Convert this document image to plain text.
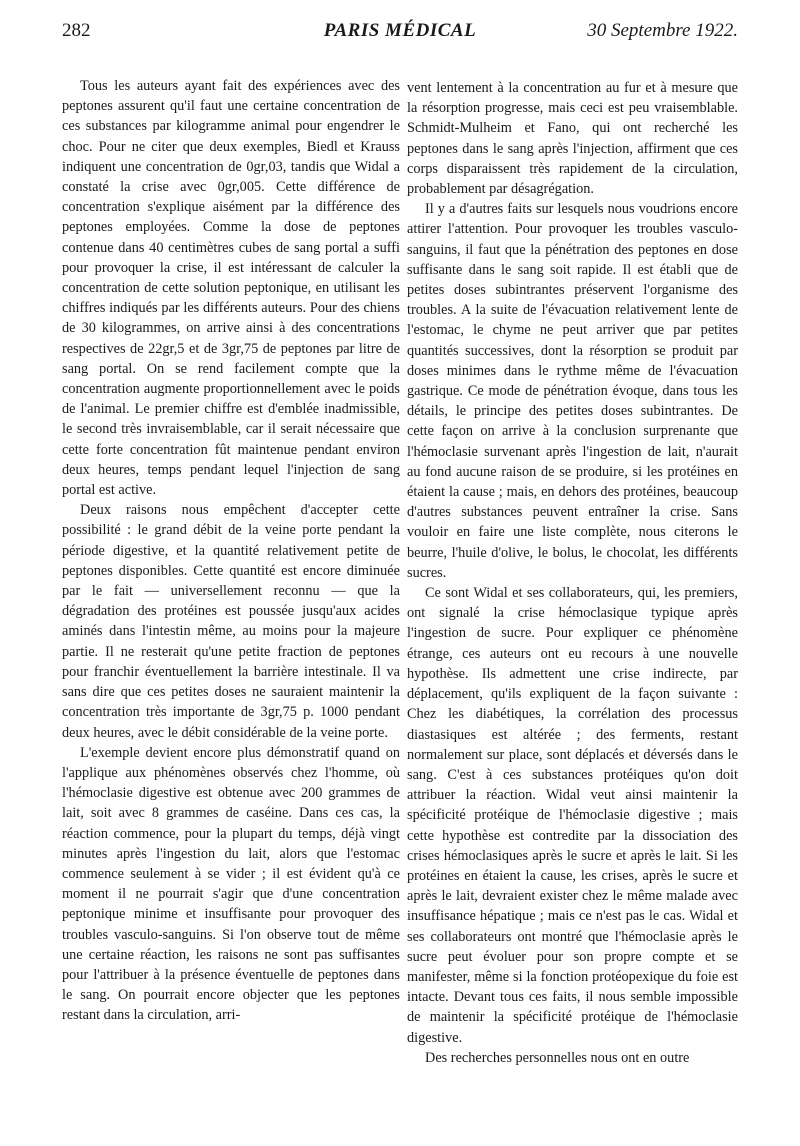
282	PARIS MÉDICAL	30 Septembre 1922.

Tous les auteurs ayant fait des expériences avec des peptones assurent qu'il faut une certaine concentration de ces substances par kilogramme animal pour engendrer le choc. Pour ne citer que deux exemples, Biedl et Krauss indiquent une concentration de 0gr,03, tandis que Widal a constaté la crise avec 0gr,005. Cette différence de concentration s'explique aisément par la différence des peptones employées. Comme la dose de peptones contenue dans 40 centimètres cubes de sang portal a suffi pour provoquer la crise, il est intéressant de calculer la concentration de cette solution peptonique, en utilisant les chiffres indiqués par les différents auteurs. Pour des chiens de 30 kilogrammes, on arrive ainsi à des concentrations respectives de 22gr,5 et de 3gr,75 de peptones par litre de sang portal. On se rend facilement compte que la concentration augmente proportionnellement avec le poids de l'animal. Le premier chiffre est d'emblée inadmissible, le second très invraisemblable, car il serait nécessaire que cette forte concentration fût maintenue pendant environ deux heures, temps pendant lequel l'injection de sang portal est active.

Deux raisons nous empêchent d'accepter cette possibilité : le grand débit de la veine porte pendant la période digestive, et la quantité relativement petite de peptones disponibles. Cette quantité est encore diminuée par le fait — universellement reconnu — que la dégradation des protéines est poussée jusqu'aux acides aminés dans l'intestin même, au moins pour la majeure partie. Il ne resterait qu'une petite fraction de peptones pour franchir éventuellement la barrière intestinale. Il va sans dire que ces petites doses ne sauraient maintenir la concentration très importante de 3gr,75 p. 1000 pendant deux heures, avec le débit considérable de la veine porte.

L'exemple devient encore plus démonstratif quand on l'applique aux phénomènes observés chez l'homme, où l'hémoclasie digestive est obtenue avec 200 grammes de lait, soit avec 8 grammes de caséine. Dans ces cas, la réaction commence, pour la plupart du temps, déjà vingt minutes après l'ingestion du lait, alors que l'estomac commence seulement à se vider ; il est évident qu'à ce moment il ne pourrait s'agir que d'une concentration peptonique minime et insuffisante pour provoquer des troubles vasculo-sanguins. Si l'on observe tout de même une certaine réaction, les raisons ne sont pas suffisantes pour l'attribuer à la présence éventuelle de peptones dans le sang. On pourrait encore objecter que les peptones restant dans la circulation, arri-

vent lentement à la concentration au fur et à mesure que la résorption progresse, mais ceci est peu vraisemblable. Schmidt-Mulheim et Fano, qui ont recherché les peptones dans le sang après l'injection, affirment que ces corps disparaissent très rapidement de la circulation, probablement par désagrégation.

Il y a d'autres faits sur lesquels nous voudrions encore attirer l'attention. Pour provoquer les troubles vasculo-sanguins, il faut que la pénétration des peptones en dose suffisante dans le sang soit rapide. Il est établi que de petites doses subintrantes préservent l'organisme des troubles. A la suite de l'évacuation relativement lente de l'estomac, le chyme ne peut arriver que par petites quantités successives, dont la résorption se produit par doses minimes dans le rythme même de l'évacuation gastrique. Ce mode de pénétration évoque, dans tous les détails, le principe des petites doses subintrantes. De cette façon on arrive à la conclusion surprenante que l'hémoclasie survenant après l'ingestion de lait, n'aurait au fond aucune raison de se produire, si les protéines en étaient la cause ; mais, en dehors des protéines, beaucoup d'autres substances peuvent entraîner la crise. Sans vouloir en faire une liste complète, nous citerons le beurre, l'huile d'olive, le bolus, le chocolat, les différents sucres.

Ce sont Widal et ses collaborateurs, qui, les premiers, ont signalé la crise hémoclasique typique après l'ingestion de sucre. Pour expliquer ce phénomène étrange, ces auteurs ont eu recours à une nouvelle hypothèse. Ils admettent une crise indirecte, par déplacement, qu'ils expliquent de la façon suivante : Chez les diabétiques, la corrélation des processus diastasiques est altérée ; des ferments, restant normalement sur place, sont déplacés et déversés dans le sang. C'est à ces substances protéiques qu'on doit attribuer la réaction. Widal veut ainsi maintenir la spécificité protéique de l'hémoclasie digestive ; mais cette hypothèse est contredite par la dissociation des crises hémoclasiques après le sucre et après le lait. Si les protéines en étaient la cause, les crises, après le sucre et après le lait, devraient exister chez le même malade avec insuffisance hépatique ; mais ce n'est pas le cas. Widal et ses collaborateurs ont montré que l'hémoclasie après le sucre peut évoluer pour son propre compte et se manifester, même si la fonction protéopexique du foie est intacte. Devant tous ces faits, il nous semble impossible de maintenir la spécificité protéique de l'hémoclasie digestive.

Des recherches personnelles nous ont en outre
